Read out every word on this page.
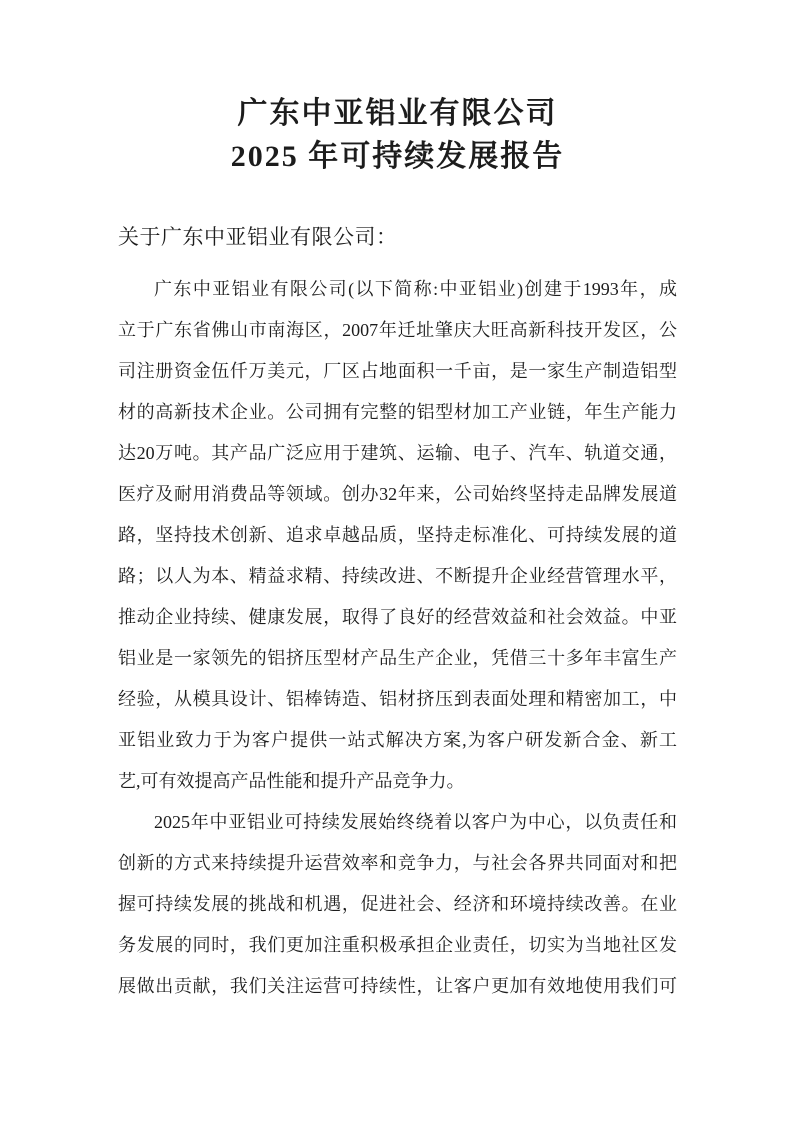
广东中亚铝业有限公司
2025 年可持续发展报告
关于广东中亚铝业有限公司：
广东中亚铝业有限公司(以下简称:中亚铝业)创建于1993年，成
立于广东省佛山市南海区，2007年迁址肇庆大旺高新科技开发区，公
司注册资金伍仟万美元，厂区占地面积一千亩，是一家生产制造铝型
材的高新技术企业。公司拥有完整的铝型材加工产业链，年生产能力
达20万吨。其产品广泛应用于建筑、运输、电子、汽车、轨道交通，
医疗及耐用消费品等领域。创办32年来，公司始终坚持走品牌发展道
路，坚持技术创新、追求卓越品质，坚持走标准化、可持续发展的道
路；以人为本、精益求精、持续改进、不断提升企业经营管理水平，
推动企业持续、健康发展，取得了良好的经营效益和社会效益。中亚
铝业是一家领先的铝挤压型材产品生产企业，凭借三十多年丰富生产
经验，从模具设计、铝棒铸造、铝材挤压到表面处理和精密加工，中
亚铝业致力于为客户提供一站式解决方案,为客户研发新合金、新工
艺,可有效提高产品性能和提升产品竞争力。
2025年中亚铝业可持续发展始终绕着以客户为中心，以负责任和
创新的方式来持续提升运营效率和竞争力，与社会各界共同面对和把
握可持续发展的挑战和机遇，促进社会、经济和环境持续改善。在业
务发展的同时，我们更加注重积极承担企业责任，切实为当地社区发
展做出贡献，我们关注运营可持续性，让客户更加有效地使用我们可
